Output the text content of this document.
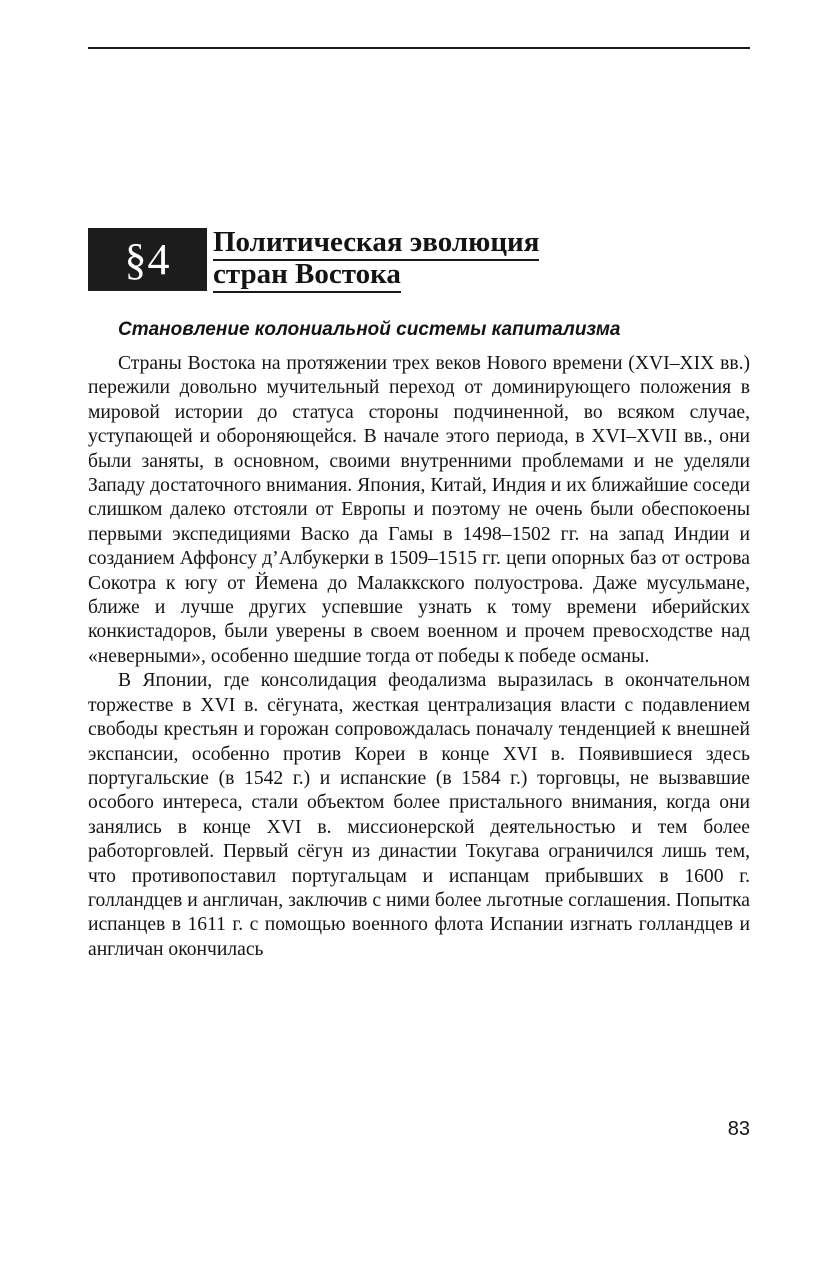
§4	Политическая эволюция
стран Востока
Становление колониальной системы капитализма

Страны Востока на протяжении трех веков Нового времени (XVI–XIX вв.) пережили довольно мучительный переход от доминирующего положения в мировой истории до статуса стороны подчиненной, во всяком случае, уступающей и обороняющейся. В начале этого периода, в XVI–XVII вв., они были заняты, в основном, своими внутренними проблемами и не уделяли Западу достаточного внимания. Япония, Китай, Индия и их ближайшие соседи слишком далеко отстояли от Европы и поэтому не очень были обеспокоены первыми экспедициями Васко да Гамы в 1498–1502 гг. на запад Индии и созданием Аффонсу д’Албукерки в 1509–1515 гг. цепи опорных баз от острова Сокотра к югу от Йемена до Малаккского полуострова. Даже мусульмане, ближе и лучше других успевшие узнать к тому времени иберийских конкистадоров, были уверены в своем военном и прочем превосходстве над «неверными», особенно шедшие тогда от победы к победе османы.

В Японии, где консолидация феодализма выразилась в окончательном торжестве в XVI в. сёгуната, жесткая централизация власти с подавлением свободы крестьян и горожан сопровождалась поначалу тенденцией к внешней экспансии, особенно против Кореи в конце XVI в. Появившиеся здесь португальские (в 1542 г.) и испанские (в 1584 г.) торговцы, не вызвавшие особого интереса, стали объектом более пристального внимания, когда они занялись в конце XVI в. миссионерской деятельностью и тем более работорговлей. Первый сёгун из династии Токугава ограничился лишь тем, что противопоставил португальцам и испанцам прибывших в 1600 г. голландцев и англичан, заключив с ними более льготные соглашения. Попытка испанцев в 1611 г. с помощью военного флота Испании изгнать голландцев и англичан окончилась

83
